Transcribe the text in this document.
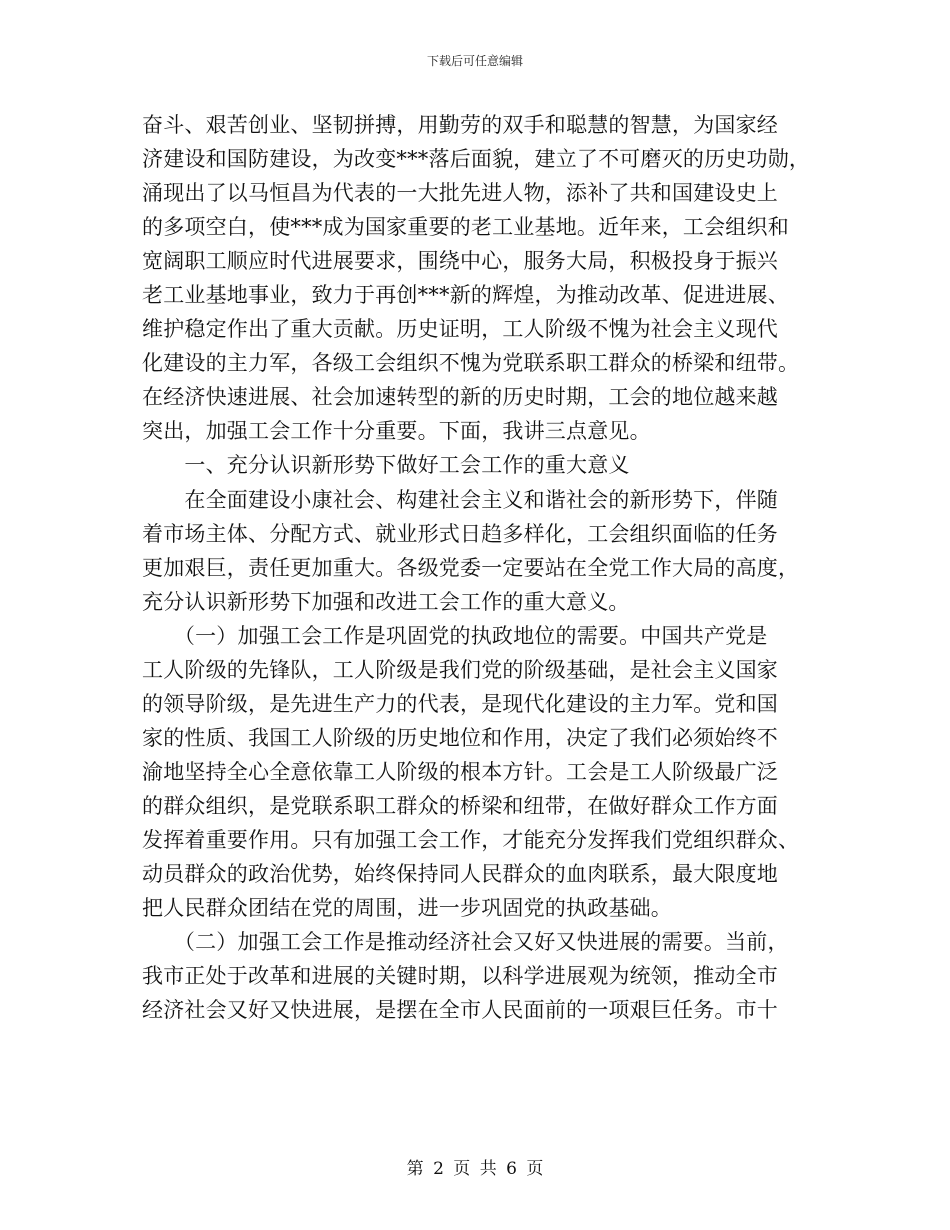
下载后可任意编辑
奋斗、艰苦创业、坚韧拼搏，用勤劳的双手和聪慧的智慧，为国家经
济建设和国防建设，为改变***落后面貌，建立了不可磨灭的历史功勋，
涌现出了以马恒昌为代表的一大批先进人物，添补了共和国建设史上
的多项空白，使***成为国家重要的老工业基地。近年来，工会组织和
宽阔职工顺应时代进展要求，围绕中心，服务大局，积极投身于振兴
老工业基地事业，致力于再创***新的辉煌，为推动改革、促进进展、
维护稳定作出了重大贡献。历史证明，工人阶级不愧为社会主义现代
化建设的主力军，各级工会组织不愧为党联系职工群众的桥梁和纽带。
在经济快速进展、社会加速转型的新的历史时期，工会的地位越来越
突出，加强工会工作十分重要。下面，我讲三点意见。
　　一、充分认识新形势下做好工会工作的重大意义
　　在全面建设小康社会、构建社会主义和谐社会的新形势下，伴随
着市场主体、分配方式、就业形式日趋多样化，工会组织面临的任务
更加艰巨，责任更加重大。各级党委一定要站在全党工作大局的高度，
充分认识新形势下加强和改进工会工作的重大意义。
　　（一）加强工会工作是巩固党的执政地位的需要。中国共产党是
工人阶级的先锋队，工人阶级是我们党的阶级基础，是社会主义国家
的领导阶级，是先进生产力的代表，是现代化建设的主力军。党和国
家的性质、我国工人阶级的历史地位和作用，决定了我们必须始终不
渝地坚持全心全意依靠工人阶级的根本方针。工会是工人阶级最广泛
的群众组织，是党联系职工群众的桥梁和纽带，在做好群众工作方面
发挥着重要作用。只有加强工会工作，才能充分发挥我们党组织群众、
动员群众的政治优势，始终保持同人民群众的血肉联系，最大限度地
把人民群众团结在党的周围，进一步巩固党的执政基础。
　　（二）加强工会工作是推动经济社会又好又快进展的需要。当前，
我市正处于改革和进展的关键时期，以科学进展观为统领，推动全市
经济社会又好又快进展，是摆在全市人民面前的一项艰巨任务。市十
第 2 页 共 6 页
